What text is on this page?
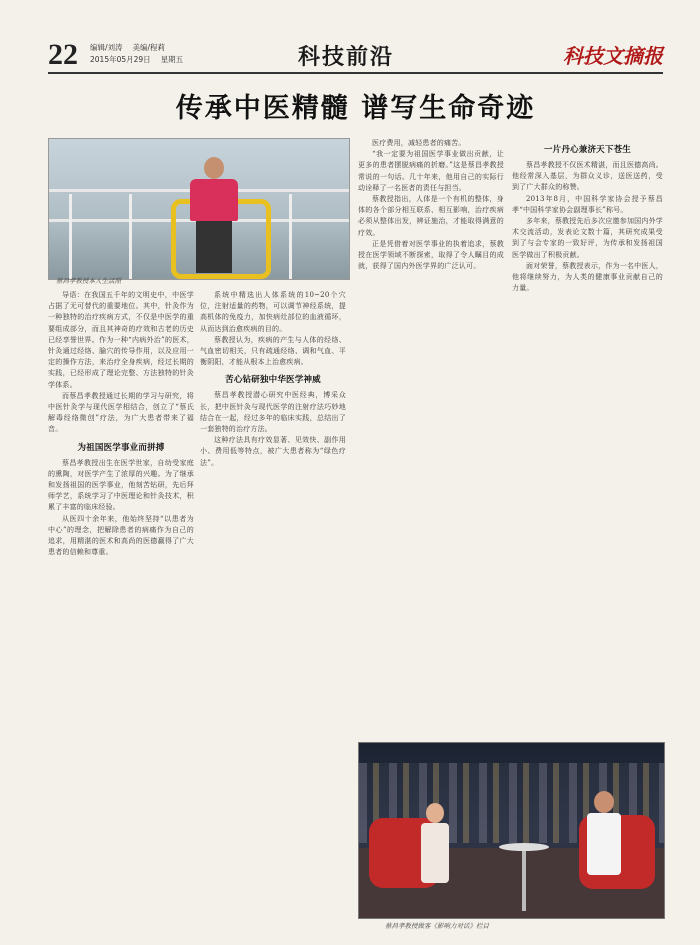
22 编辑/刘涛 美编/程莉
2015年05月29日 星期五	科技前沿	科技文摘报
传承中医精髓 谱写生命奇迹
蔡昌孝教授本人生活照

导语：在我国五千年的文明史中，中医学占据了无可替代的重要地位。其中，针灸作为一种独特的治疗疾病方式，不仅是中医学的重要组成部分，而且其神奇的疗效和古老的历史已经享誉世界。作为一种“内病外治”的医术，针灸通过经络、腧穴的传导作用，以及应用一定的操作方法，来治疗全身疾病，经过长期的实践，已经形成了理论完整、方法独特的针灸学体系。

而蔡昌孝教授通过长期的学习与研究，将中医针灸学与现代医学相结合，创立了“蔡氏解毒经络微创”疗法，为广大患者带来了福音。

为祖国医学事业而拼搏

蔡昌孝教授出生在医学世家，自幼受家庭的熏陶，对医学产生了浓厚的兴趣。为了继承和发扬祖国的医学事业，他刻苦钻研，先后拜师学艺，系统学习了中医理论和针灸技术，积累了丰富的临床经验。

从医四十余年来，他始终坚持“以患者为中心”的理念，把解除患者的病痛作为自己的追求，用精湛的医术和高尚的医德赢得了广大患者的信赖和尊重。

系统中精选出人体系统的10~20个穴位，注射适量的药物，可以调节神经系统，提高机体的免疫力，加快病灶部位的血液循环，从而达到治愈疾病的目的。

蔡教授认为，疾病的产生与人体的经络、气血密切相关，只有疏通经络、调和气血、平衡阴阳，才能从根本上治愈疾病。

苦心钻研独中华医学神威

蔡昌孝教授潜心研究中医经典，博采众长，把中医针灸与现代医学的注射疗法巧妙地结合在一起，经过多年的临床实践，总结出了一套独特的治疗方法。

这种疗法具有疗效显著、见效快、副作用小、费用低等特点，被广大患者称为“绿色疗法”。

医疗费用，减轻患者的痛苦。

“我一定要为祖国医学事业做出贡献，让更多的患者摆脱病痛的折磨。”这是蔡昌孝教授常说的一句话。几十年来，他用自己的实际行动诠释了一名医者的责任与担当。

蔡教授指出，人体是一个有机的整体，身体的各个部分相互联系、相互影响，治疗疾病必须从整体出发，辨证施治，才能取得满意的疗效。

正是凭借着对医学事业的执着追求，蔡教授在医学领域不断探索，取得了令人瞩目的成就，获得了国内外医学界的广泛认可。

一片丹心兼济天下苍生

蔡昌孝教授不仅医术精湛，而且医德高尚。他经常深入基层，为群众义诊，送医送药，受到了广大群众的称赞。

2013年8月，中国科学家协会授予蔡昌孝“中国科学家协会副理事长”称号。

多年来，蔡教授先后多次应邀参加国内外学术交流活动，发表论文数十篇，其研究成果受到了与会专家的一致好评，为传承和发扬祖国医学做出了积极贡献。

面对荣誉，蔡教授表示，作为一名中医人，他将继续努力，为人类的健康事业贡献自己的力量。

蔡昌孝教授做客《影响力对话》栏目
